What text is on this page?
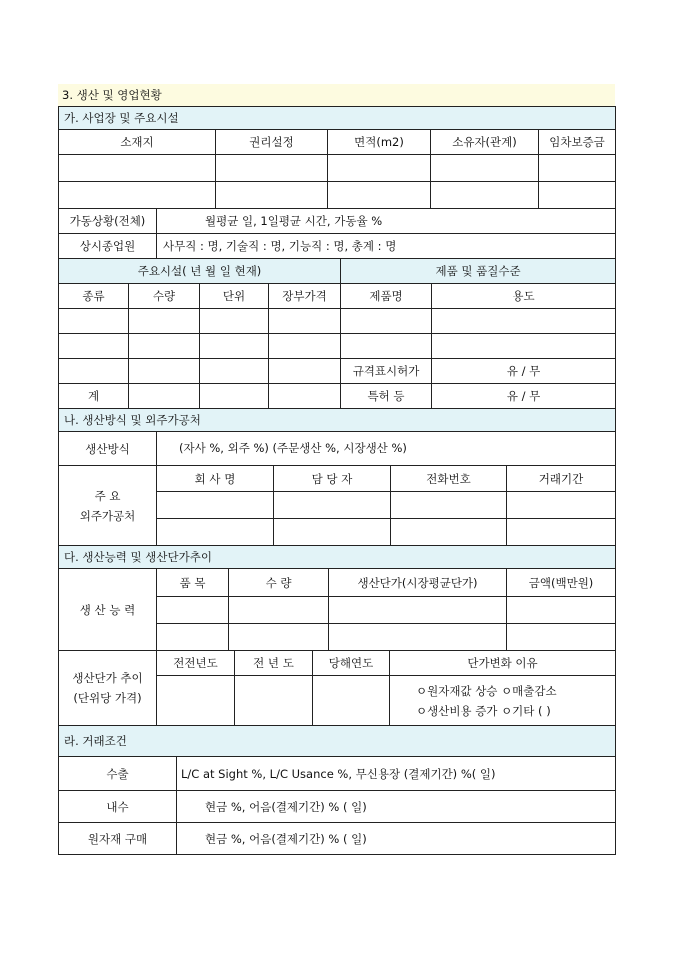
3. 생산 및 영업현황
가. 사업장 및 주요시설				
소재지	권리설정	면적(m2)	소유자(관계)	임차보증금

가동상황(전체)	월평균 일, 1일평균 시간, 가동율 %
상시종업원	사무직 : 명, 기술직 : 명, 기능직 : 명, 총계 : 명
주요시설( 년 월 일 현재)				제품 및 품질수준	
종류	수량	단위	장부가격	제품명	용도

				규격표시허가	유 / 무
계				특허 등	유 / 무
나. 생산방식 및 외주가공처				
생산방식	(자사 %, 외주 %) (주문생산 %, 시장생산 %)			

주 요
외주가공처	회 사 명	담 당 자	전화번호	거래기간

다. 생산능력 및 생산단가추이				
생 산 능 력	품 목	수 량	생산단가(시장평균단가)	금액(백만원)

생산단가 추이
(단위당 가격)	전전년도	전 년 도	당해연도	단가변화 이유

				ㅇ원자재값 상승 ㅇ매출감소
ㅇ생산비용 증가 ㅇ기타 ( )
라. 거래조건	
수출	L/C at Sight %, L/C Usance %, 무신용장 (결제기간) %( 일)
내수	현금 %, 어음(결제기간) % ( 일)
원자재 구매	현금 %, 어음(결제기간) % ( 일)
